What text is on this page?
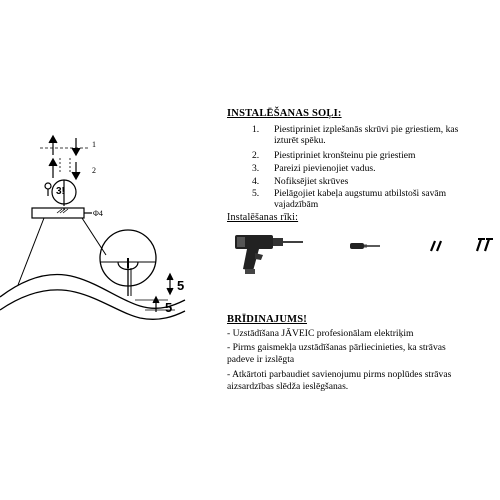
1
2
3!
Φ4
5
5
INSTALĒŠANAS SOĻI:
1. Piestipriniet izplešanās skrūvi pie griestiem, kas
izturēt spēku.
2. Piestipriniet kronšteinu pie griestiem
3. Pareizi pievienojiet vadus.
4. Nofiksējiet skrūves
5. Pielāgojiet kabeļa augstumu atbilstoši savām
vajadzībām
Instalēšanas rīki:
BRĪDINAJUMS!
- Uzstādīšana JĀVEIC profesionālam elektriķim
- Pirms gaismekļa uzstādīšanas pārliecinieties, ka strāvas
padeve ir izslēgta
- Atkārtoti parbaudiet savienojumu pirms noplūdes strāvas
aizsardzības slēdža ieslēgšanas.
